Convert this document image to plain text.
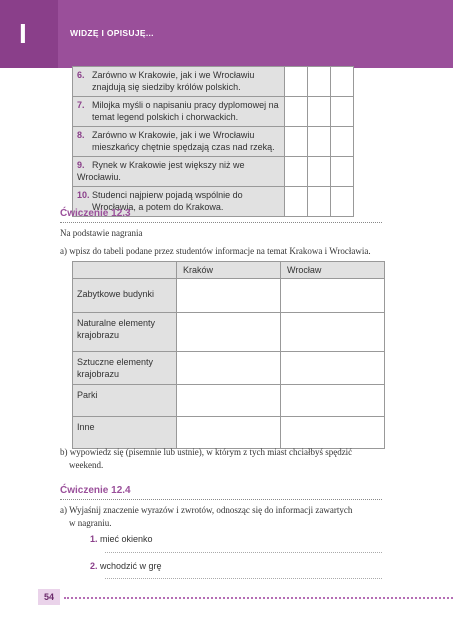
I	WIDZĘ I OPISUJĘ...
6. Zarówno w Krakowie, jak i we Wrocławiu
znajdują się siedziby królów polskich.			

7. Milojka myśli o napisaniu pracy dyplomowej na
temat legend polskich i chorwackich.			

8. Zarówno w Krakowie, jak i we Wrocławiu
mieszkańcy chętnie spędzają czas nad rzeką.			

9. Rynek w Krakowie jest większy niż we Wrocławiu.			
10. Studenci najpierw pojadą wspólnie do
Wrocławia, a potem do Krakowa.			

Ćwiczenie 12.3
Na podstawie nagrania
a) wpisz do tabeli podane przez studentów informacje na temat Krakowa i Wrocławia.
	Kraków	Wrocław
Zabytkowe budynki		
Naturalne elementy krajobrazu		
Sztuczne elementy krajobrazu		
Parki		
Inne		
b) wypowiedz się (pisemnie lub ustnie), w którym z tych miast chciałbyś spędzić
weekend.
Ćwiczenie 12.4
a) Wyjaśnij znaczenie wyrazów i zwrotów, odnosząc się do informacji zawartych
w nagraniu.
1. mieć okienko
2. wchodzić w grę
54
